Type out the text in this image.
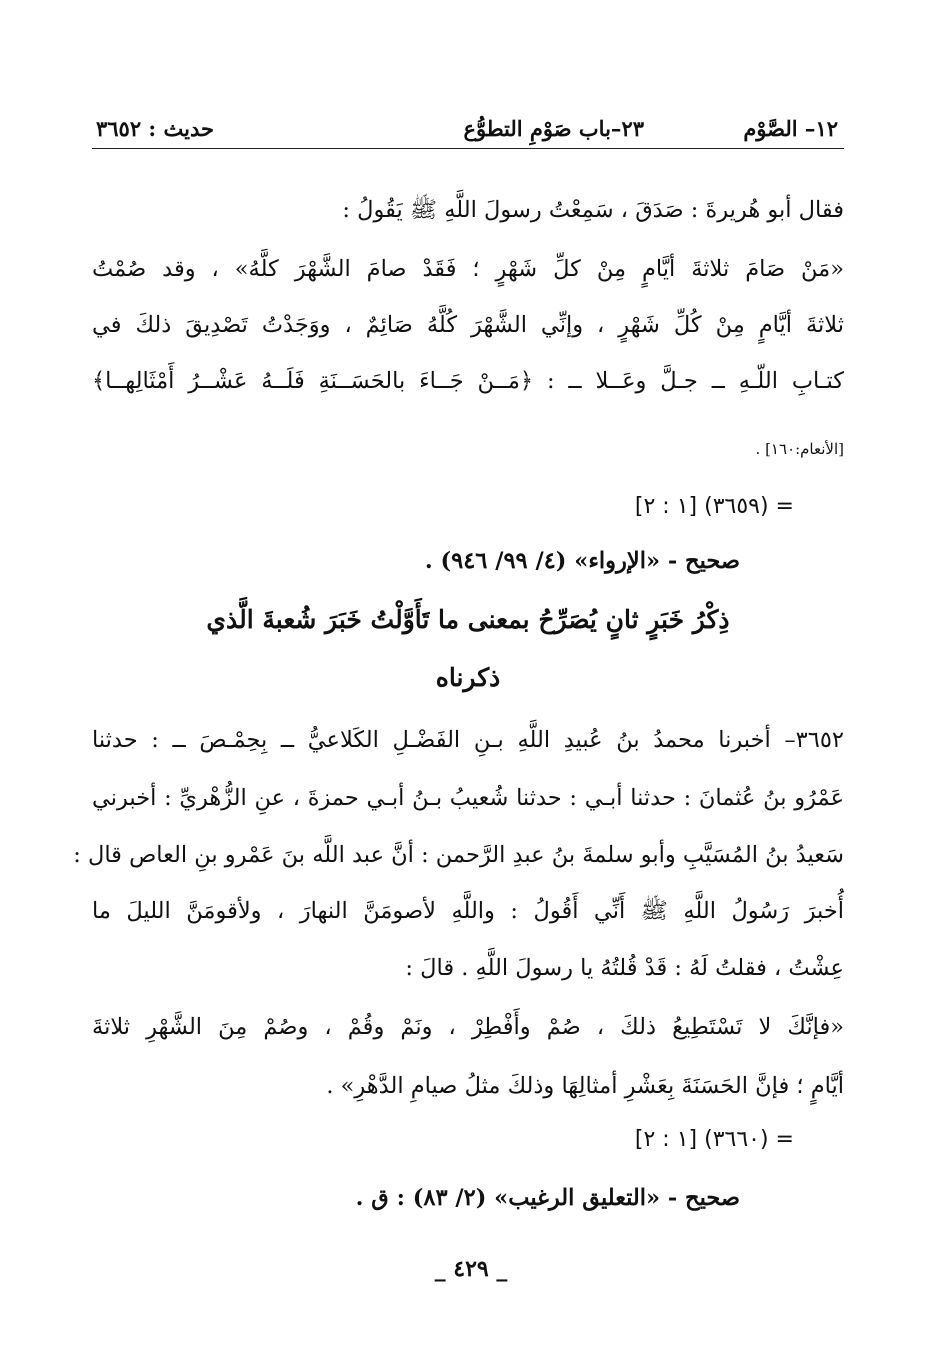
١٢– الصَّوْم
٢٣–باب صَوْمِ التطوُّع
حديث : ٣٦٥٢
فقال أبو هُريرةَ : صَدَقَ ، سَمِعْتُ رسولَ اللَّهِ ﷺ يَقُولُ :
«مَنْ صَامَ ثلاثةَ أيَّامٍ مِنْ كلِّ شَهْرٍ ؛ فَقَدْ صامَ الشَّهْرَ كلَّهُ» ، وقد صُمْتُ
ثلاثةَ أيَّامٍ مِنْ كُلِّ شَهْرٍ ، وإنِّي الشَّهْرَ كُلَّهُ صَائِمٌ ، ووَجَدْتُ تَصْدِيقَ ذلكَ في
كتـابِ اللّـهِ ــ جـلَّ وعَــلا ــ : ﴿مَــنْ جَــاءَ بالحَسَــنَةِ فَلَــهُ عَشْــرُ أَمْثَالِهــا﴾
[الأنعام:١٦٠] .
= (٣٦٥٩) [١ : ٢]
صحيح - «الإرواء» (٤/ ٩٩/ ٩٤٦) .
ذِكْرُ خَبَرٍ ثانٍ يُصَرِّحُ بمعنى ما تَأَوَّلْتُ خَبَرَ شُعبةَ الَّذي
ذكرناه
٣٦٥٢– أخبرنا محمدُ بنُ عُبيدِ اللَّهِ بـنِ الفَضْـلِ الكَلاعيُّ ــ بِحِمْـصَ ــ : حدثنا
عَمْرُو بنُ عُثمانَ : حدثنا أبـي : حدثنا شُعيبُ بـنُ أبـي حمزةَ ، عنِ الزُّهْريِّ : أخبرني
سَعيدُ بنُ المُسَيَّبِ وأبو سلمةَ بنُ عبدِ الرَّحمن : أنَّ عبد اللَّه بنَ عَمْرو بنِ العاص قال :
أُخبرَ رَسُولُ اللَّهِ ﷺ أَنِّي أَقُولُ : واللَّهِ لأصومَنَّ النهارَ ، ولأقومَنَّ الليلَ ما
عِشْتُ ، فقلتُ لَهُ : قَدْ قُلتُهُ يا رسولَ اللَّهِ . قالَ :
«فإنَّكَ لا تَسْتَطِيعُ ذلكَ ، صُمْ وأَفْطِرْ ، ونَمْ وقُمْ ، وصُمْ مِنَ الشَّهْرِ ثلاثةَ
أيَّامٍ ؛ فإنَّ الحَسَنَةَ بِعَشْرِ أمثالِهَا وذلكَ مثلُ صيامِ الدَّهْرِ» .
= (٣٦٦٠) [١ : ٢]
صحيح - «التعليق الرغيب» (٢/ ٨٣) : ق .
_ ٤٢٩ _
